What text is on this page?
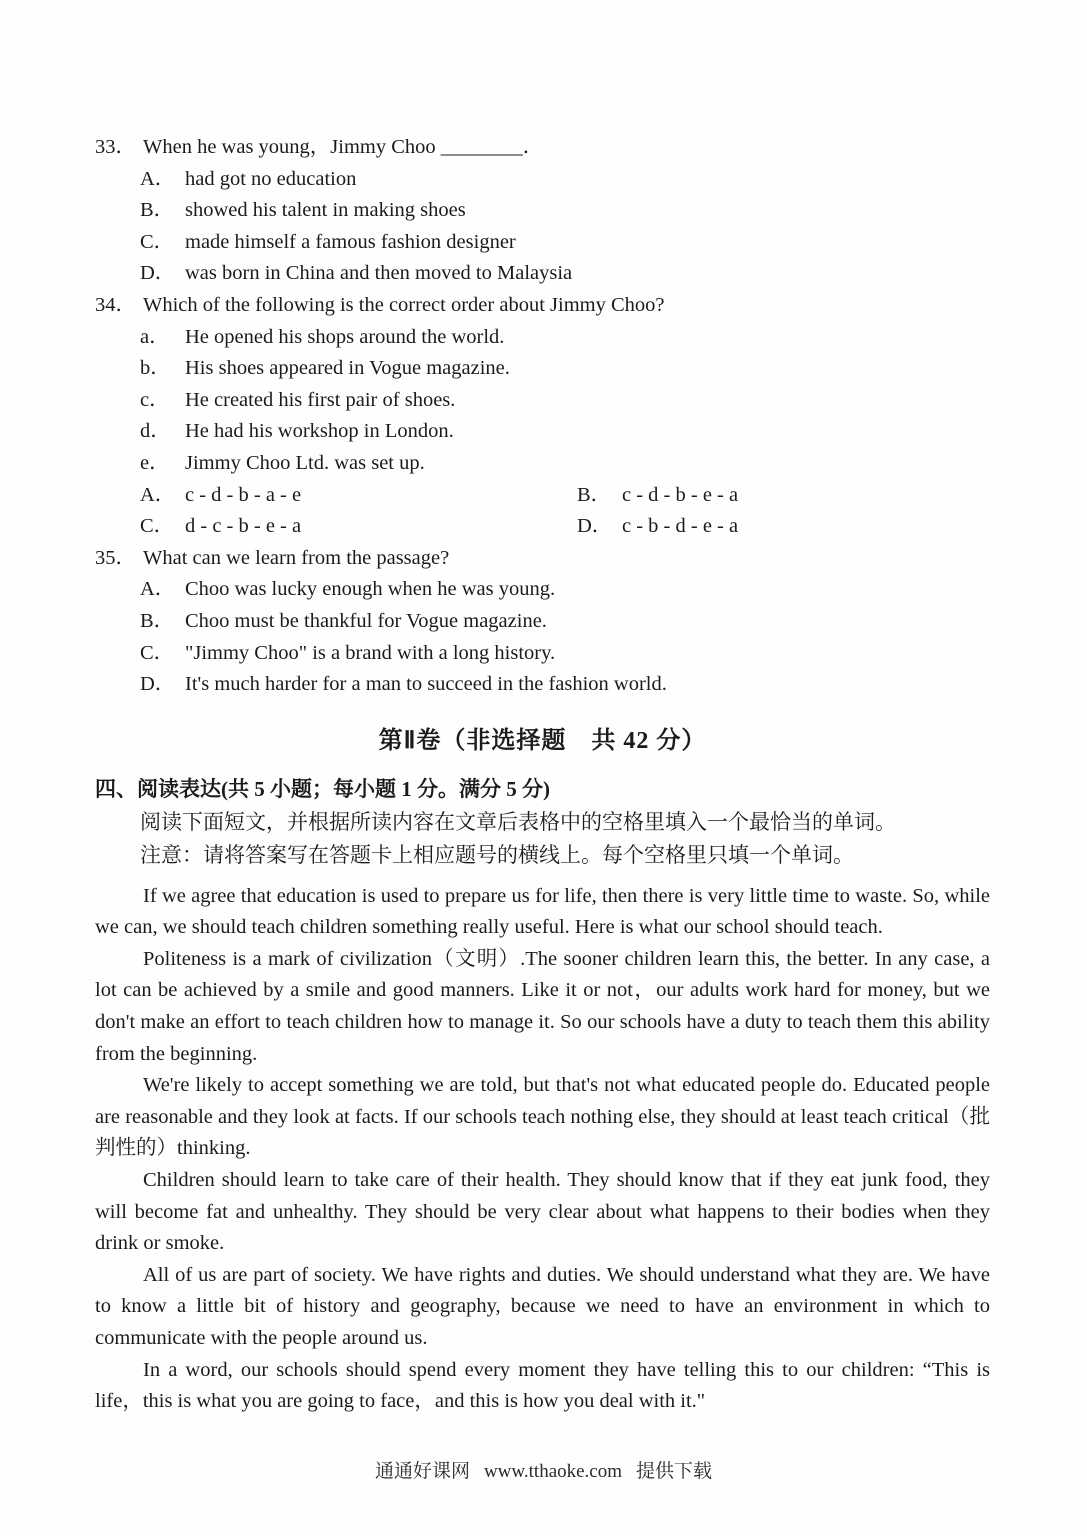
33． When he was young，Jimmy Choo ________．
A． had got no education
B． showed his talent in making shoes
C． made himself a famous fashion designer
D． was born in China and then moved to Malaysia
34． Which of the following is the correct order about Jimmy Choo?
a． He opened his shops around the world.
b． His shoes appeared in Vogue magazine.
c． He created his first pair of shoes.
d． He had his workshop in London.
e． Jimmy Choo Ltd. was set up.
A． c - d - b - a - e	B． c - d - b - e - a
C． d - c - b - e - a	D． c - b - d - e - a
35． What can we learn from the passage?
A． Choo was lucky enough when he was young.
B． Choo must be thankful for Vogue magazine.
C． "Jimmy Choo" is a brand with a long history.
D． It's much harder for a man to succeed in the fashion world.
第Ⅱ卷（非选择题　共 42 分）
四、阅读表达(共 5 小题；每小题 1 分。满分 5 分)
阅读下面短文，并根据所读内容在文章后表格中的空格里填入一个最恰当的单词。
注意：请将答案写在答题卡上相应题号的横线上。每个空格里只填一个单词。

If we agree that education is used to prepare us for life, then there is very little time to waste. So, while we can, we should teach children something really useful. Here is what our school should teach.

Politeness is a mark of civilization（文明）.The sooner children learn this, the better. In any case, a lot can be achieved by a smile and good manners. Like it or not，our adults work hard for money, but we don't make an effort to teach children how to manage it. So our schools have a duty to teach them this ability from the beginning.

We're likely to accept something we are told, but that's not what educated people do. Educated people are reasonable and they look at facts. If our schools teach nothing else, they should at least teach critical（批判性的）thinking.

Children should learn to take care of their health. They should know that if they eat junk food, they will become fat and unhealthy. They should be very clear about what happens to their bodies when they drink or smoke.

All of us are part of society. We have rights and duties. We should understand what they are. We have to know a little bit of history and geography, because we need to have an environment in which to communicate with the people around us.

In a word, our schools should spend every moment they have telling this to our children: “This is life，this is what you are going to face，and this is how you deal with it."

通通好课网 www.tthaoke.com 提供下载
